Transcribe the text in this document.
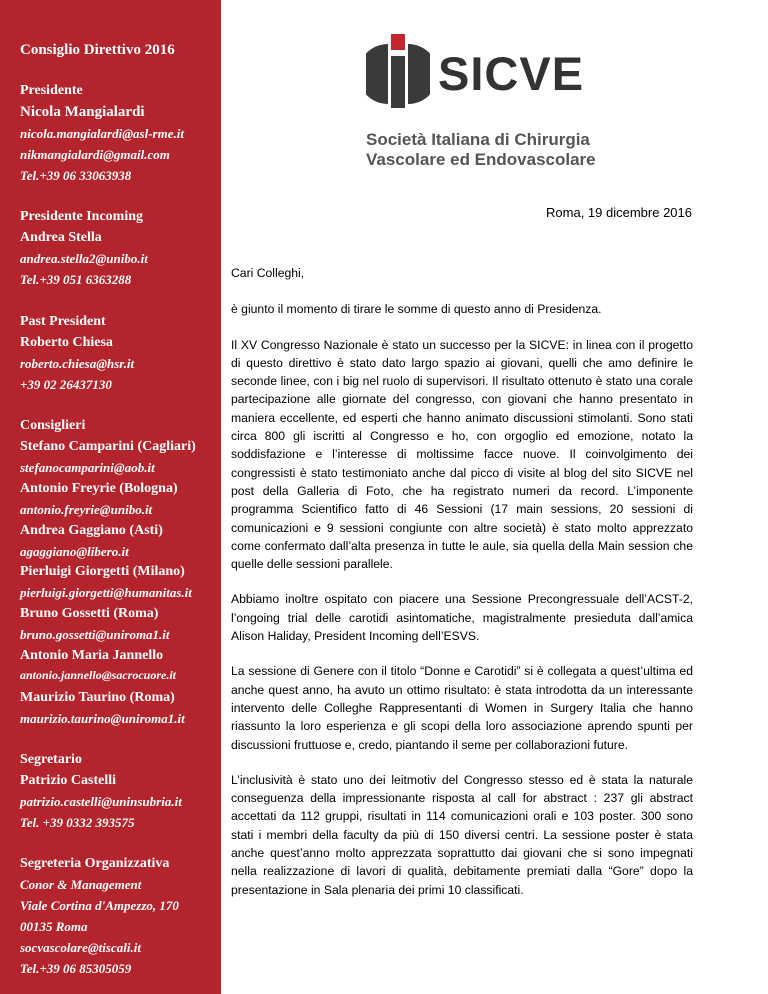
Consiglio Direttivo 2016
Presidente
Nicola Mangialardi
nicola.mangialardi@asl-rme.it
nikmangialardi@gmail.com
Tel.+39 06 33063938
Presidente Incoming
Andrea Stella
andrea.stella2@unibo.it
Tel.+39 051 6363288
Past President
Roberto Chiesa
roberto.chiesa@hsr.it
+39 02 26437130
Consiglieri
Stefano Camparini (Cagliari)
stefanocamparini@aob.it
Antonio Freyrie (Bologna)
antonio.freyrie@unibo.it
Andrea Gaggiano (Asti)
agaggiano@libero.it
Pierluigi Giorgetti (Milano)
pierluigi.giorgetti@humanitas.it
Bruno Gossetti (Roma)
bruno.gossetti@uniroma1.it
Antonio Maria Jannello
antonio.jannello@sacrocuore.it
Maurizio Taurino (Roma)
maurizio.taurino@uniroma1.it
Segretario
Patrizio Castelli
patrizio.castelli@uninsubria.it
Tel. +39 0332 393575
Segreteria Organizzativa
Conor & Management
Viale Cortina d'Ampezzo, 170
00135 Roma
socvascolare@tiscali.it
Tel.+39 06 85305059
SICVE
Società Italiana di Chirurgia
Vascolare ed Endovascolare
Roma, 19 dicembre 2016

Cari Colleghi,

è giunto il momento di tirare le somme di questo anno di Presidenza.

Il XV Congresso Nazionale è stato un successo per la SICVE: in linea con il progetto di questo direttivo è stato dato largo spazio ai giovani, quelli che amo definire le seconde linee, con i big nel ruolo di supervisori. Il risultato ottenuto è stato una corale partecipazione alle giornate del congresso, con giovani che hanno presentato in maniera eccellente, ed esperti che hanno animato discussioni stimolanti. Sono stati circa 800 gli iscritti al Congresso e ho, con orgoglio ed emozione, notato la soddisfazione e l’interesse di moltissime facce nuove. Il coinvolgimento dei congressisti è stato testimoniato anche dal picco di visite al blog del sito SICVE nel post della Galleria di Foto, che ha registrato numeri da record. L’imponente programma Scientifico fatto di 46 Sessioni (17 main sessions, 20 sessioni di comunicazioni e 9 sessioni congiunte con altre società) è stato molto apprezzato come confermato dall’alta presenza in tutte le aule, sia quella della Main session che quelle delle sessioni parallele.

Abbiamo inoltre ospitato con piacere una Sessione Precongressuale dell’ACST-2, l’ongoing trial delle carotidi asintomatiche, magistralmente presieduta dall’amica Alison Haliday, President Incoming dell’ESVS.

La sessione di Genere con il titolo “Donne e Carotidi” si è collegata a quest’ultima ed anche quest anno, ha avuto un ottimo risultato: è stata introdotta da un interessante intervento delle Colleghe Rappresentanti di Women in Surgery Italia che hanno riassunto la loro esperienza e gli scopi della loro associazione aprendo spunti per discussioni fruttuose e, credo, piantando il seme per collaborazioni future.

L’inclusività è stato uno dei leitmotiv del Congresso stesso ed è stata la naturale conseguenza della impressionante risposta al call for abstract : 237 gli abstract accettati da 112 gruppi, risultati in 114 comunicazioni orali e 103 poster. 300 sono stati i membri della faculty da più di 150 diversi centri. La sessione poster è stata anche quest’anno molto apprezzata soprattutto dai giovani che si sono impegnati nella realizzazione di lavori di qualità, debitamente premiati dalla “Gore” dopo la presentazione in Sala plenaria dei primi 10 classificati.
